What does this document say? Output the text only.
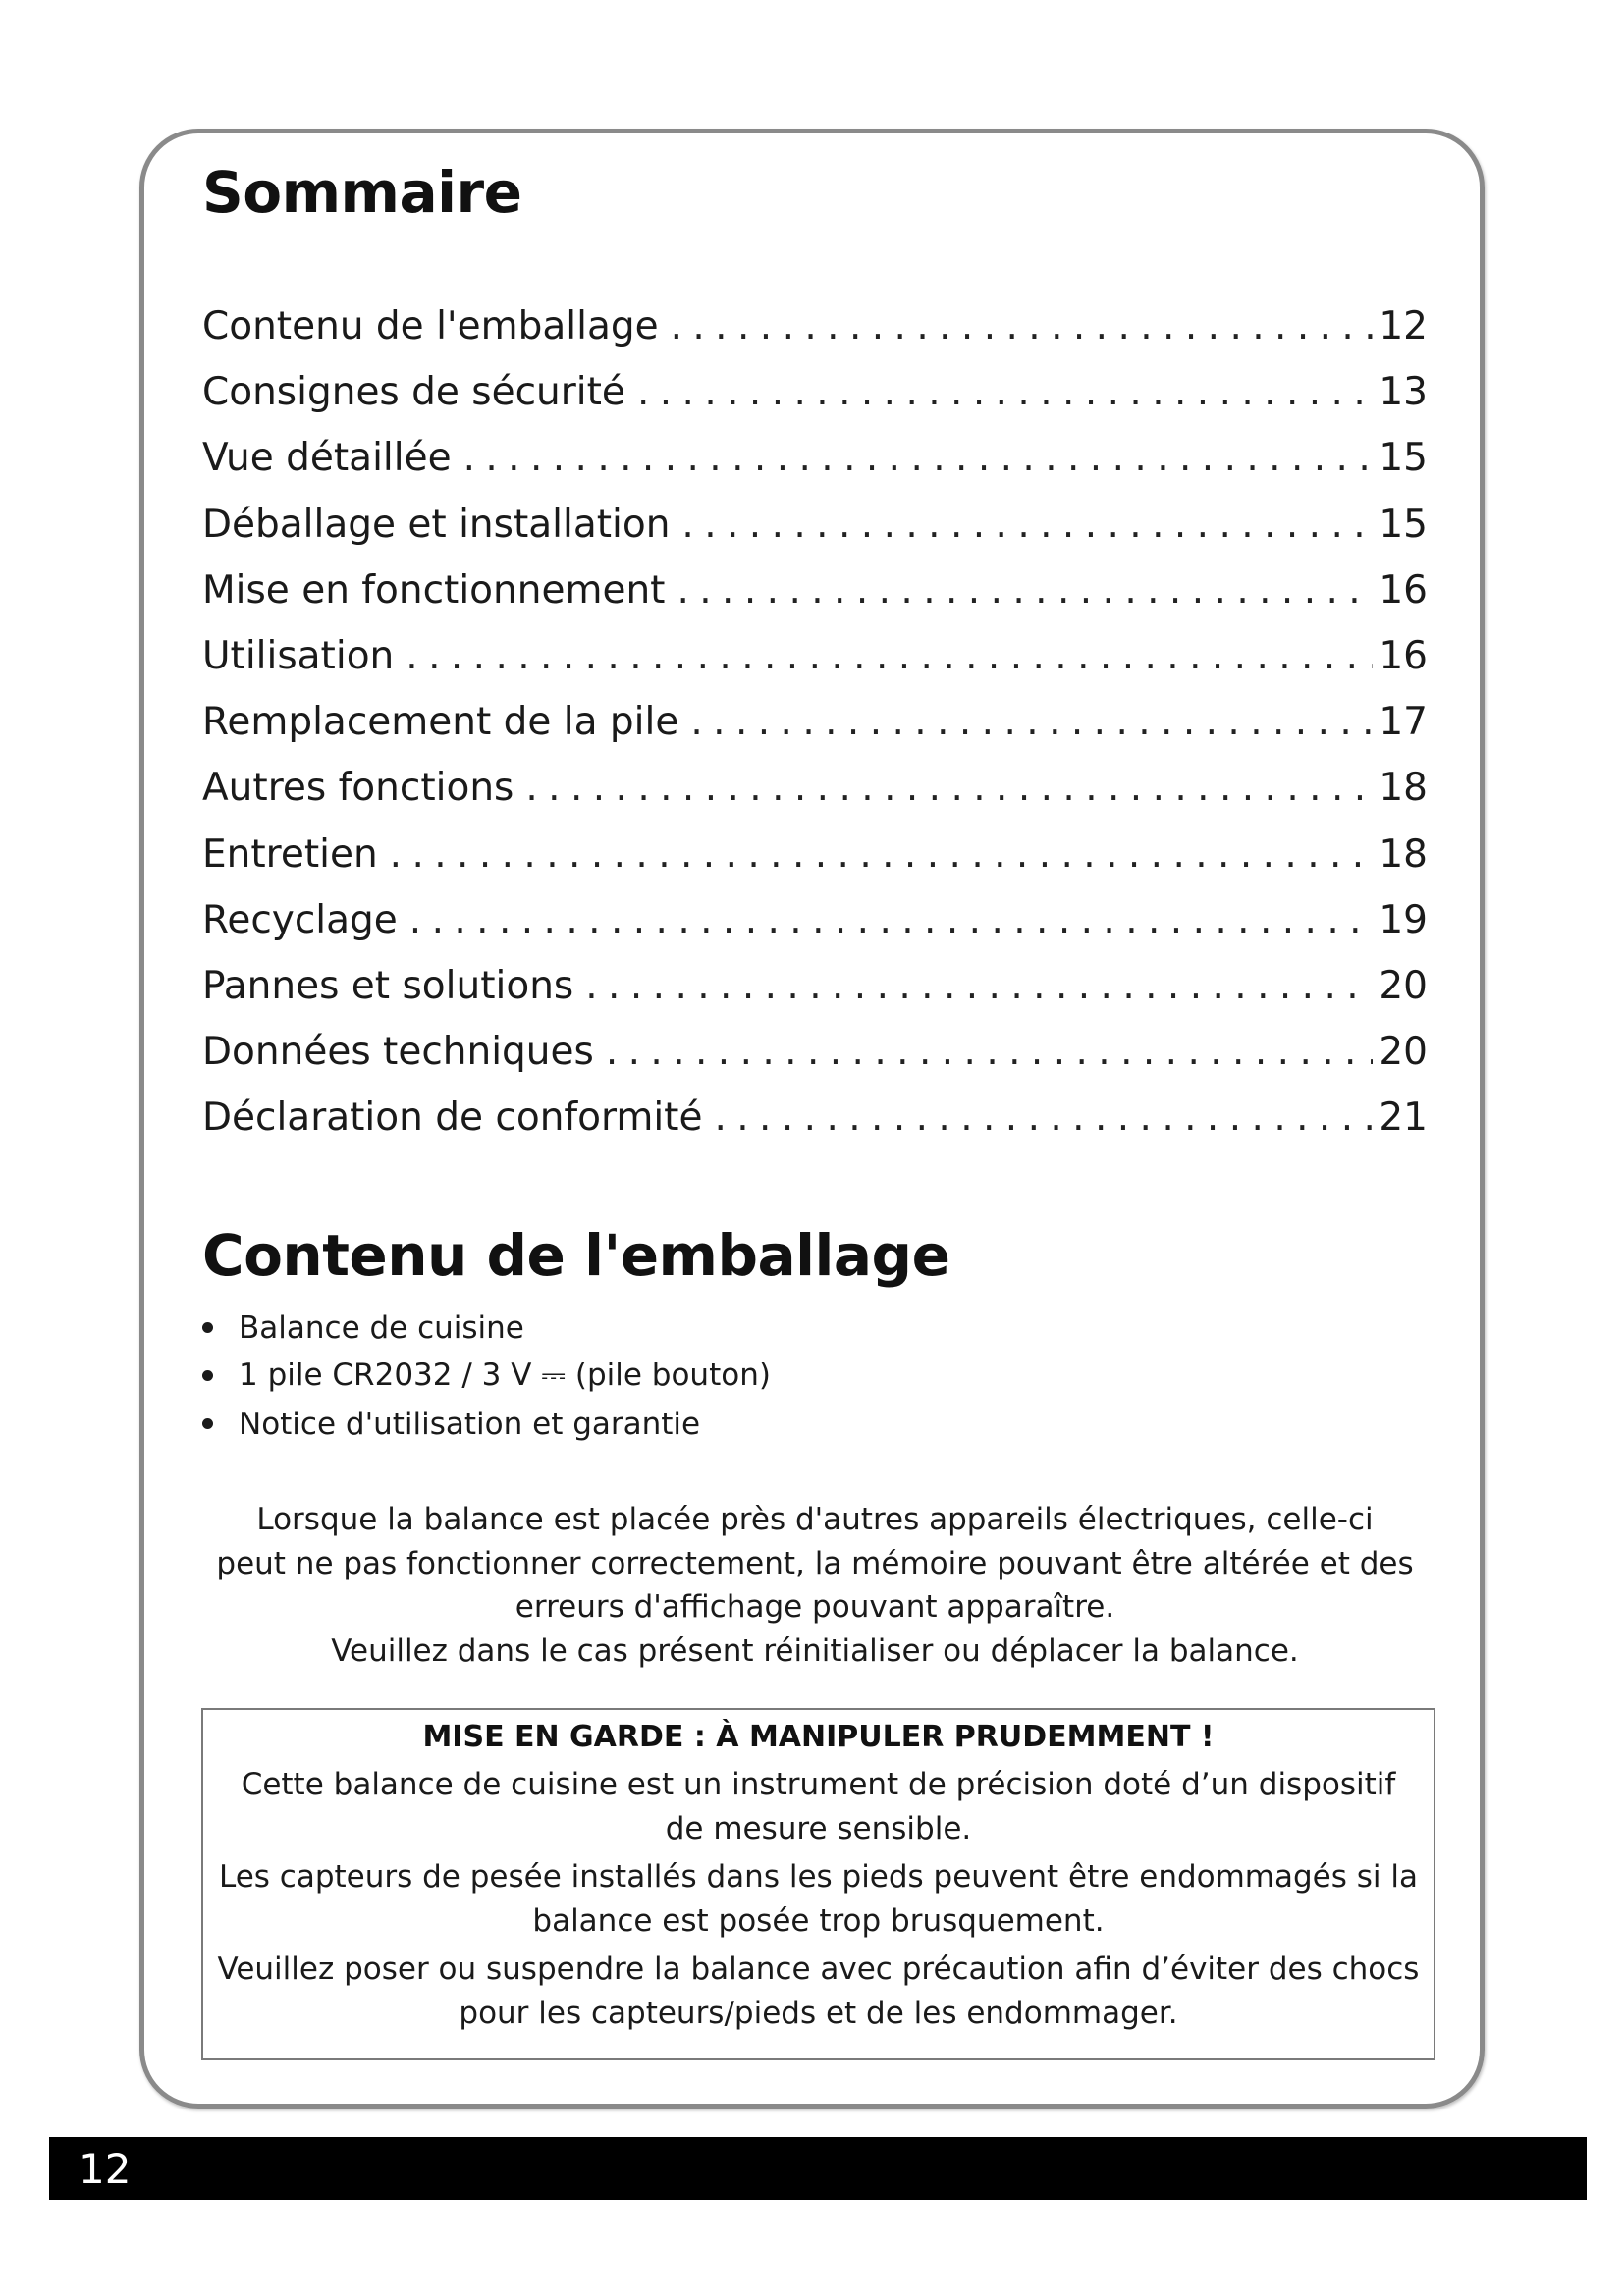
Sommaire
Contenu de l'emballage . . .	12
Consignes de sécurité . . .	13
Vue détaillée . . .	15
Déballage et installation . . .	15
Mise en fonctionnement . . .	16
Utilisation . . .	16
Remplacement de la pile . . .	17
Autres fonctions . . .	18
Entretien . . .	18
Recyclage . . .	19
Pannes et solutions . . .	20
Données techniques . . .	20
Déclaration de conformité . . .	21
Contenu de l'emballage
Balance de cuisine
1 pile CR2032 / 3 V ⎓ (pile bouton)
Notice d'utilisation et garantie

Lorsque la balance est placée près d'autres appareils électriques, celle-ci
peut ne pas fonctionner correctement, la mémoire pouvant être altérée et des
erreurs d'affichage pouvant apparaître.
Veuillez dans le cas présent réinitialiser ou déplacer la balance.

MISE EN GARDE : À MANIPULER PRUDEMMENT !

Cette balance de cuisine est un instrument de précision doté d’un dispositif
de mesure sensible.

Les capteurs de pesée installés dans les pieds peuvent être endommagés si la
balance est posée trop brusquement.

Veuillez poser ou suspendre la balance avec précaution afin d’éviter des chocs
pour les capteurs/pieds et de les endommager.

12
